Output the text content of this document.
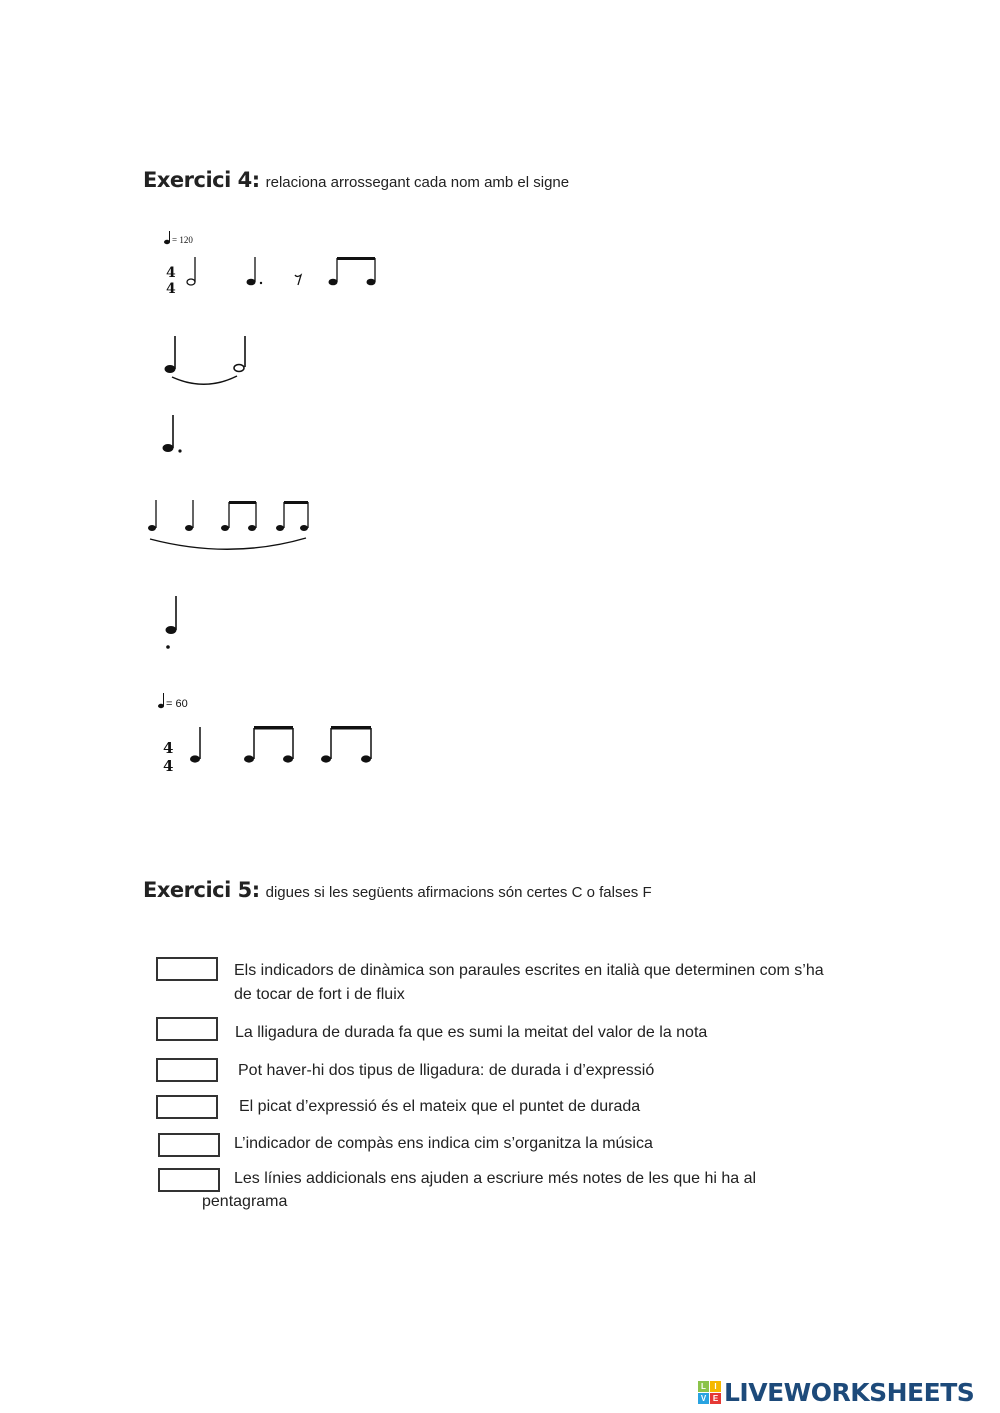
Exercici 4: relaciona arrossegant cada nom amb el signe
= 120
4
4
= 60
4
4
Exercici 5: digues si les següents afirmacions són certes C o falses F
Els indicadors de dinàmica son paraules escrites en italià que determinen com s’ha
de tocar de fort i de fluix
La lligadura de durada fa que es sumi la meitat del valor de la nota
Pot haver-hi dos tipus de lligadura: de durada i d’expressió
El picat d’expressió és el mateix que el puntet de durada
L’indicador de compàs ens indica cim s’organitza la música
Les línies addicionals ens ajuden a escriure més notes de les que hi ha al
pentagrama
L	I
V E LIVEWORKSHEETS
